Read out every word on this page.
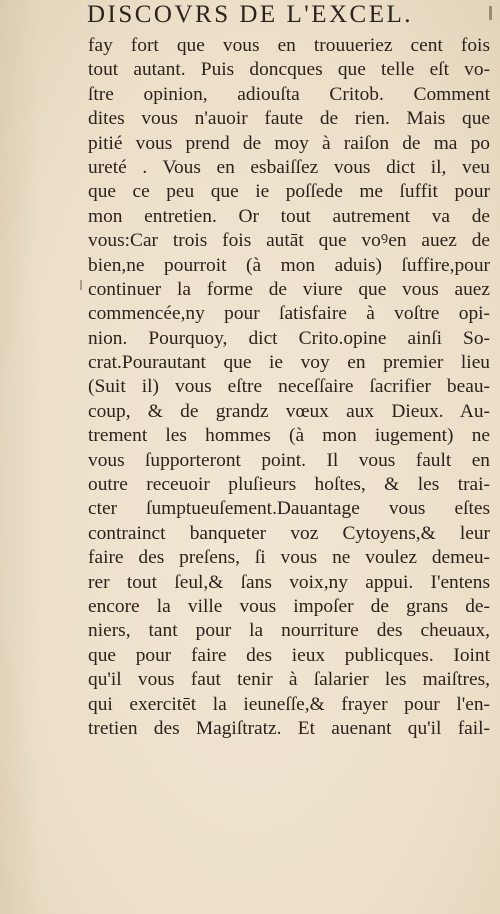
DISCOVRS DE L'EXCEL.
fay fort que vous en trouueriez cent fois
tout autant. Puis doncques que telle eſt vo-
ſtre opinion, adiouſta Critob. Comment
dites vous n'auoir faute de rien. Mais que
pitié vous prend de moy à raiſon de ma po
ureté . Vous en esbaiſſez vous dict il, veu
que ce peu que ie poſſede me ſuffit pour
mon entretien. Or tout autrement va de
vous:Car trois fois autāt que voꝰen auez de
bien,ne pourroit (à mon aduis) ſuffire,pour
continuer la forme de viure que vous auez
commencée,ny pour ſatisfaire à voſtre opi-
nion. Pourquoy, dict Crito.opine ainſi So-
crat.Pourautant que ie voy en premier lieu
(Suit il) vous eſtre neceſſaire ſacrifier beau-
coup, & de grandz vœux aux Dieux. Au-
trement les hommes (à mon iugement) ne
vous ſupporteront point. Il vous fault en
outre receuoir pluſieurs hoſtes, & les trai-
cter ſumptueuſement.Dauantage vous eſtes
contrainct banqueter voz Cytoyens,& leur
faire des preſens, ſi vous ne voulez demeu-
rer tout ſeul,& ſans voix,ny appui. I'entens
encore la ville vous impoſer de grans de-
niers, tant pour la nourriture des cheuaux,
que pour faire des ieux publicques. Ioint
qu'il vous faut tenir à ſalarier les maiſtres,
qui exercitēt la ieuneſſe,& frayer pour l'en-
tretien des Magiſtratz. Et auenant qu'il fail-
